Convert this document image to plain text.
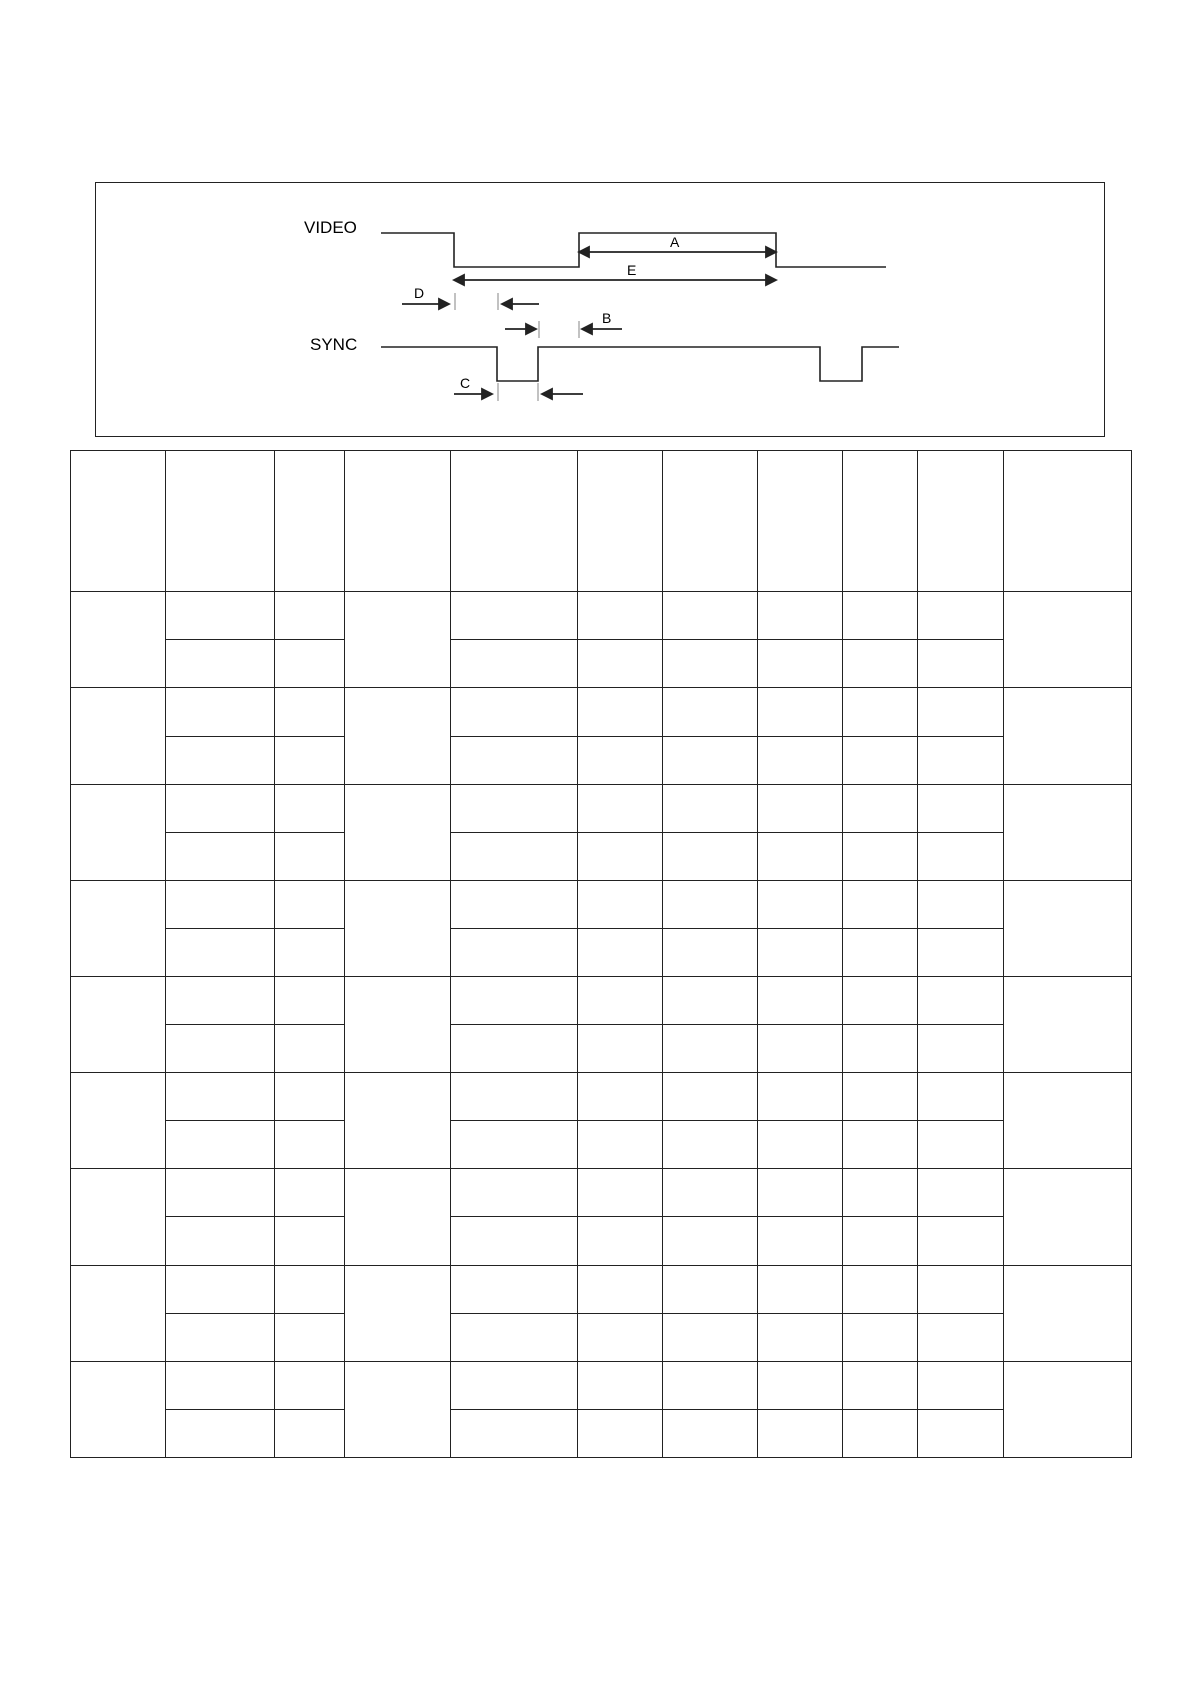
VIDEO
SYNC
A
E
D
B
C
